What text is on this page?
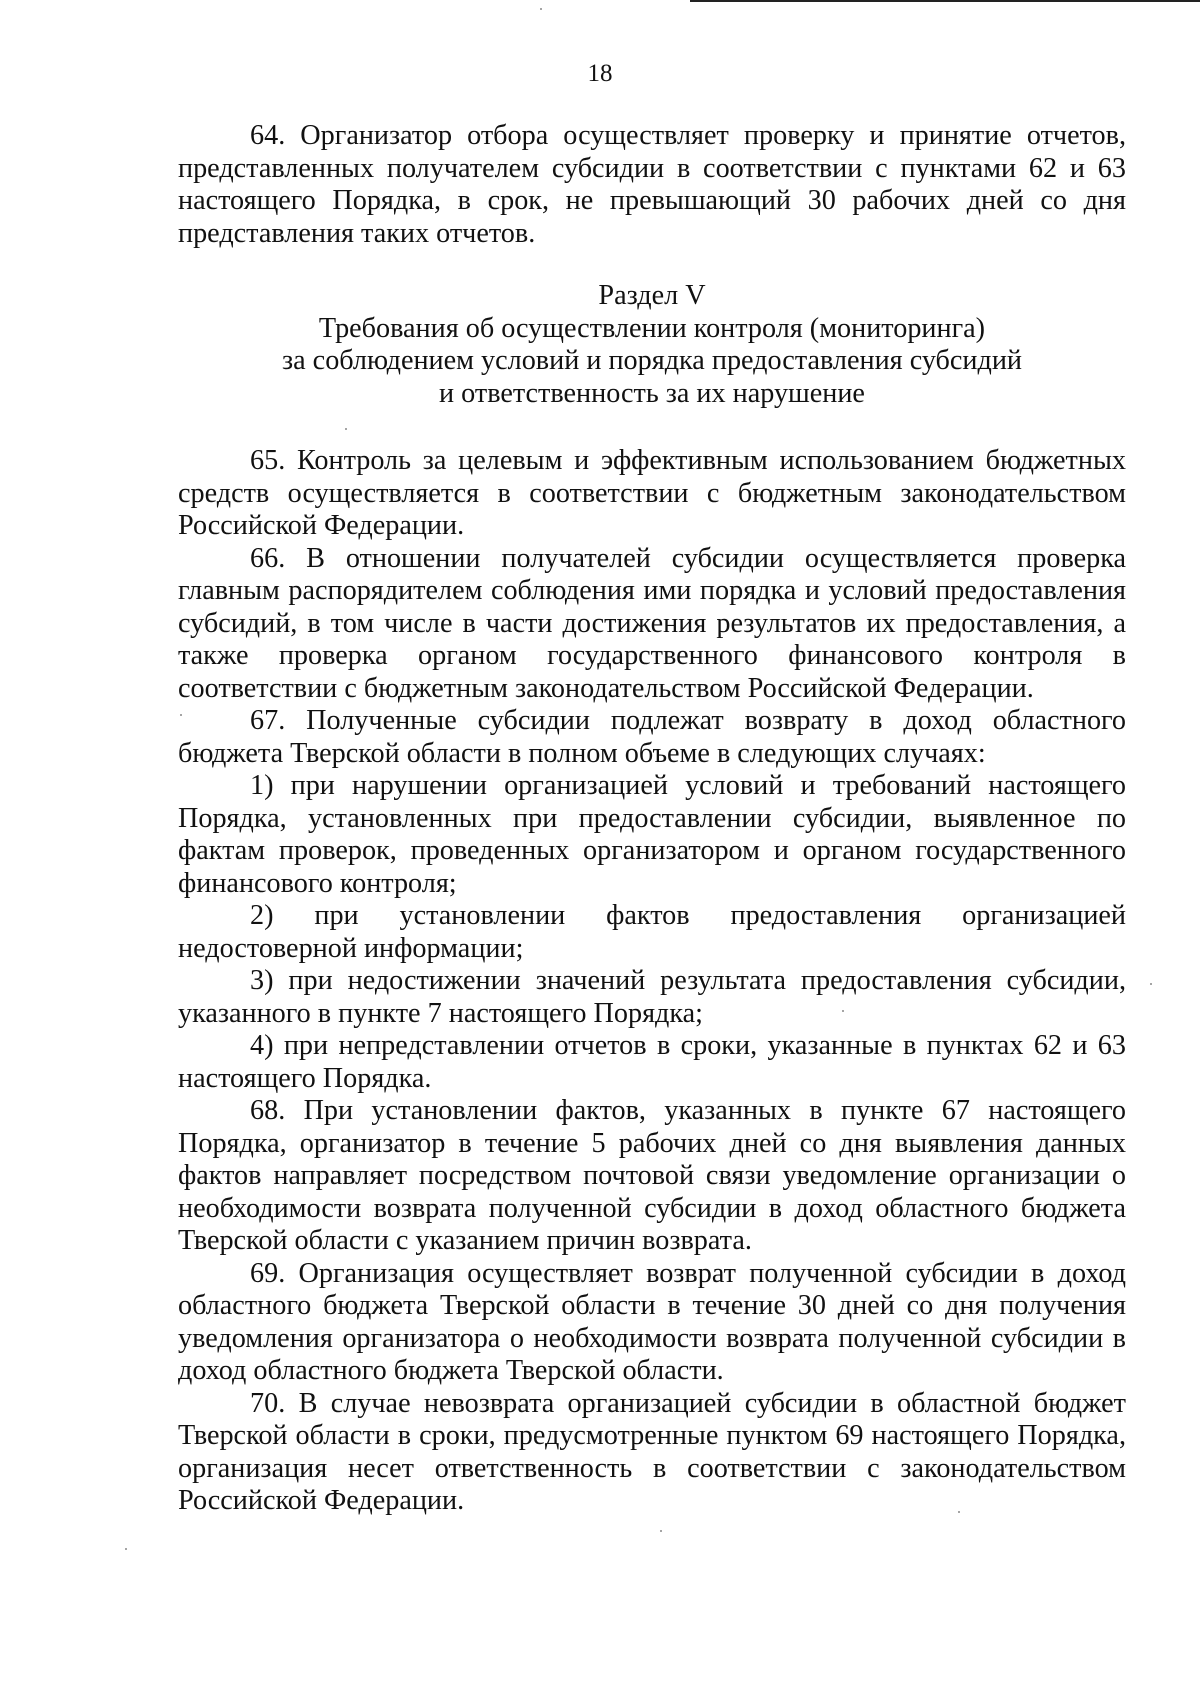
18

64. Организатор отбора осуществляет проверку и принятие отчетов, представленных получателем субсидии в соответствии с пунктами 62 и 63 настоящего Порядка, в срок, не превышающий 30 рабочих дней со дня представления таких отчетов.

Раздел V
Требования об осуществлении контроля (мониторинга)
за соблюдением условий и порядка предоставления субсидий
и ответственность за их нарушение

65. Контроль за целевым и эффективным использованием бюджетных средств осуществляется в соответствии с бюджетным законодательством Российской Федерации.

66. В отношении получателей субсидии осуществляется проверка главным распорядителем соблюдения ими порядка и условий предоставления субсидий, в том числе в части достижения результатов их предоставления, а также проверка органом государственного финансового контроля в соответствии с бюджетным законодательством Российской Федерации.

67. Полученные субсидии подлежат возврату в доход областного бюджета Тверской области в полном объеме в следующих случаях:

1) при нарушении организацией условий и требований настоящего Порядка, установленных при предоставлении субсидии, выявленное по фактам проверок, проведенных организатором и органом государственного финансового контроля;

2) при установлении фактов предоставления организацией недостоверной информации;

3) при недостижении значений результата предоставления субсидии, указанного в пункте 7 настоящего Порядка;

4) при непредставлении отчетов в сроки, указанные в пунктах 62 и 63 настоящего Порядка.

68. При установлении фактов, указанных в пункте 67 настоящего Порядка, организатор в течение 5 рабочих дней со дня выявления данных фактов направляет посредством почтовой связи уведомление организации о необходимости возврата полученной субсидии в доход областного бюджета Тверской области с указанием причин возврата.

69. Организация осуществляет возврат полученной субсидии в доход областного бюджета Тверской области в течение 30 дней со дня получения уведомления организатора о необходимости возврата полученной субсидии в доход областного бюджета Тверской области.

70. В случае невозврата организацией субсидии в областной бюджет Тверской области в сроки, предусмотренные пунктом 69 настоящего Порядка, организация несет ответственность в соответствии с законодательством Российской Федерации.
